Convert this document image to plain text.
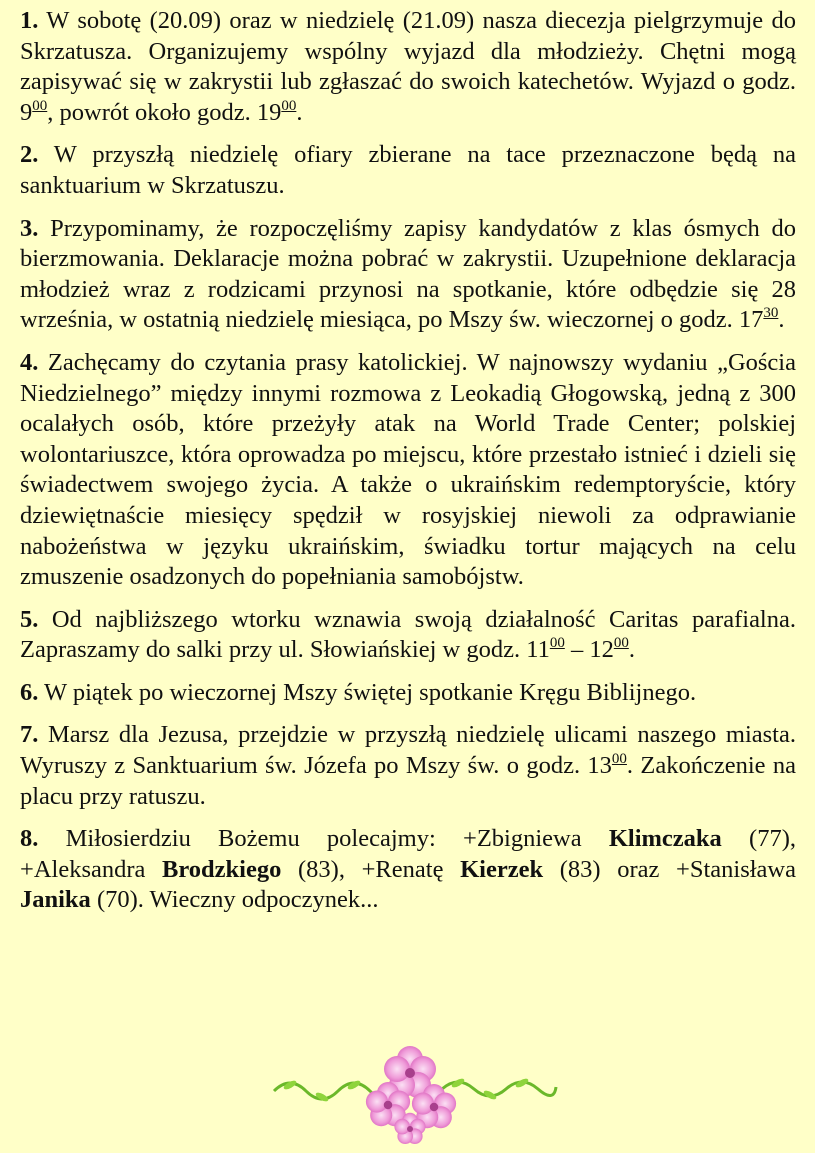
1. W sobotę (20.09) oraz w niedzielę (21.09) nasza diecezja pielgrzymuje do Skrzatusza. Organizujemy wspólny wyjazd dla młodzieży. Chętni mogą zapisywać się w zakrystii lub zgłaszać do swoich katechetów. Wyjazd o godz. $9^{00}$, powrót około godz. $19^{00}$.

2. W przyszłą niedzielę ofiary zbierane na tace przeznaczone będą na sanktuarium w Skrzatuszu.

3. Przypominamy, że rozpoczęliśmy zapisy kandydatów z klas ósmych do bierzmowania. Deklaracje można pobrać w zakrystii. Uzupełnione deklaracja młodzież wraz z rodzicami przynosi na spotkanie, które odbędzie się 28 września, w ostatnią niedzielę miesiąca, po Mszy św. wieczornej o godz. $17^{30}$.

4. Zachęcamy do czytania prasy katolickiej. W najnowszy wydaniu „Gościa Niedzielnego” między innymi rozmowa z Leokadią Głogowską, jedną z 300 ocalałych osób, które przeżyły atak na World Trade Center; polskiej wolontariuszce, która oprowadza po miejscu, które przestało istnieć i dzieli się świadectwem swojego życia. A także o ukraińskim redemptoryście, który dziewiętnaście miesięcy spędził w rosyjskiej niewoli za odprawianie nabożeństwa w języku ukraińskim, świadku tortur mających na celu zmuszenie osadzonych do popełniania samobójstw.

5. Od najbliższego wtorku wznawia swoją działalność Caritas parafialna. Zapraszamy do salki przy ul. Słowiańskiej w godz. $11^{00} - 12^{00}$.

6. W piątek po wieczornej Mszy świętej spotkanie Kręgu Biblijnego.

7. Marsz dla Jezusa, przejdzie w przyszłą niedzielę ulicami naszego miasta. Wyruszy z Sanktuarium św. Józefa po Mszy św. o godz. $13^{00}$. Zakończenie na placu przy ratuszu.

8. Miłosierdziu Bożemu polecajmy: +Zbigniewa Klimczaka (77), +Aleksandra Brodzkiego (83), +Renatę Kierzek (83) oraz +Stanisława Janika (70). Wieczny odpoczynek...
